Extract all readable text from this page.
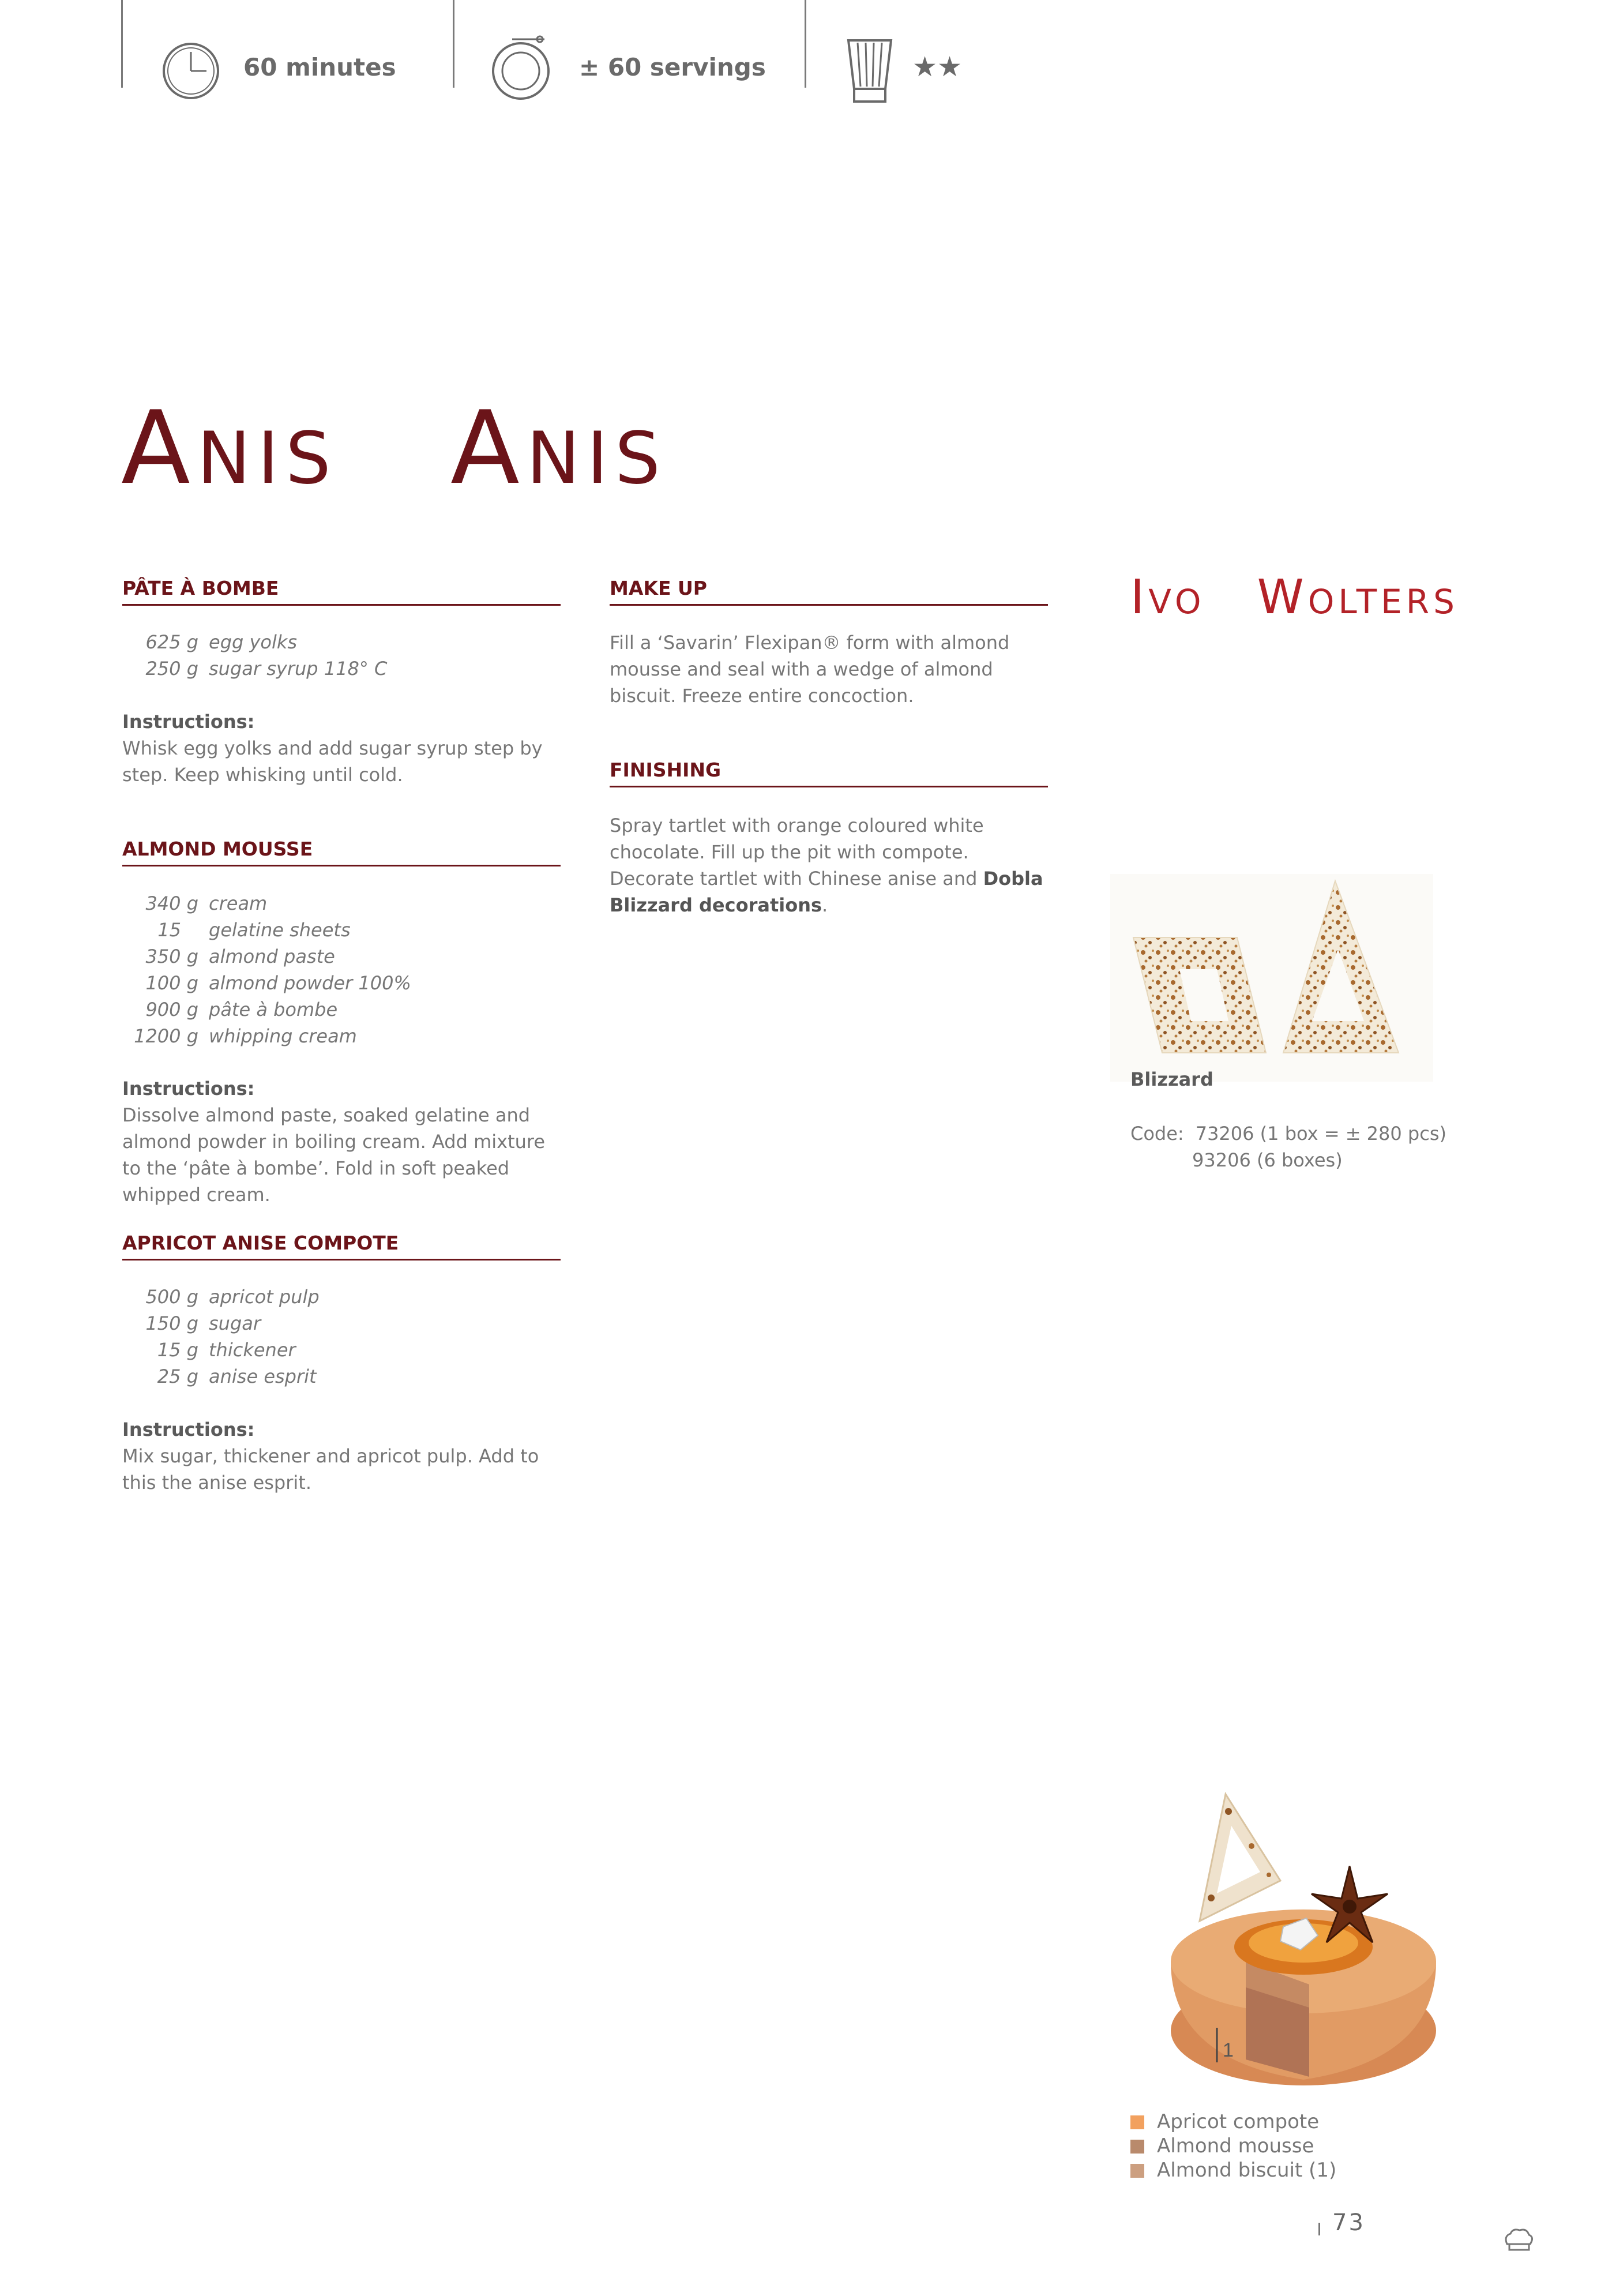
60 minutes	± 60 servings	★★
ANIS ANIS
IVO WOLTERS
PÂTE À BOMBE
625 g egg yolks
250 g sugar syrup 118° C
Instructions:
Whisk egg yolks and add sugar syrup step by step. Keep whisking until cold.
ALMOND MOUSSE
340 g cream
15 gelatine sheets
350 g almond paste
100 g almond powder 100%
900 g pâte à bombe
1200 g whipping cream
Instructions:
Dissolve almond paste, soaked gelatine and almond powder in boiling cream. Add mixture to the ‘pâte à bombe’. Fold in soft peaked whipped cream.
APRICOT ANISE COMPOTE
500 g apricot pulp
150 g sugar
15 g thickener
25 g anise esprit
Instructions:
Mix sugar, thickener and apricot pulp. Add to this the anise esprit.
MAKE UP
Fill a ‘Savarin’ Flexipan® form with almond mousse and seal with a wedge of almond biscuit. Freeze entire concoction.
FINISHING
Spray tartlet with orange coloured white chocolate. Fill up the pit with compote. Decorate tartlet with Chinese anise and Dobla Blizzard decorations.
Blizzard
Code: 73206 (1 box = ± 280 pcs)
93206 (6 boxes)
1
Apricot compote
Almond mousse
Almond biscuit (1)
73
